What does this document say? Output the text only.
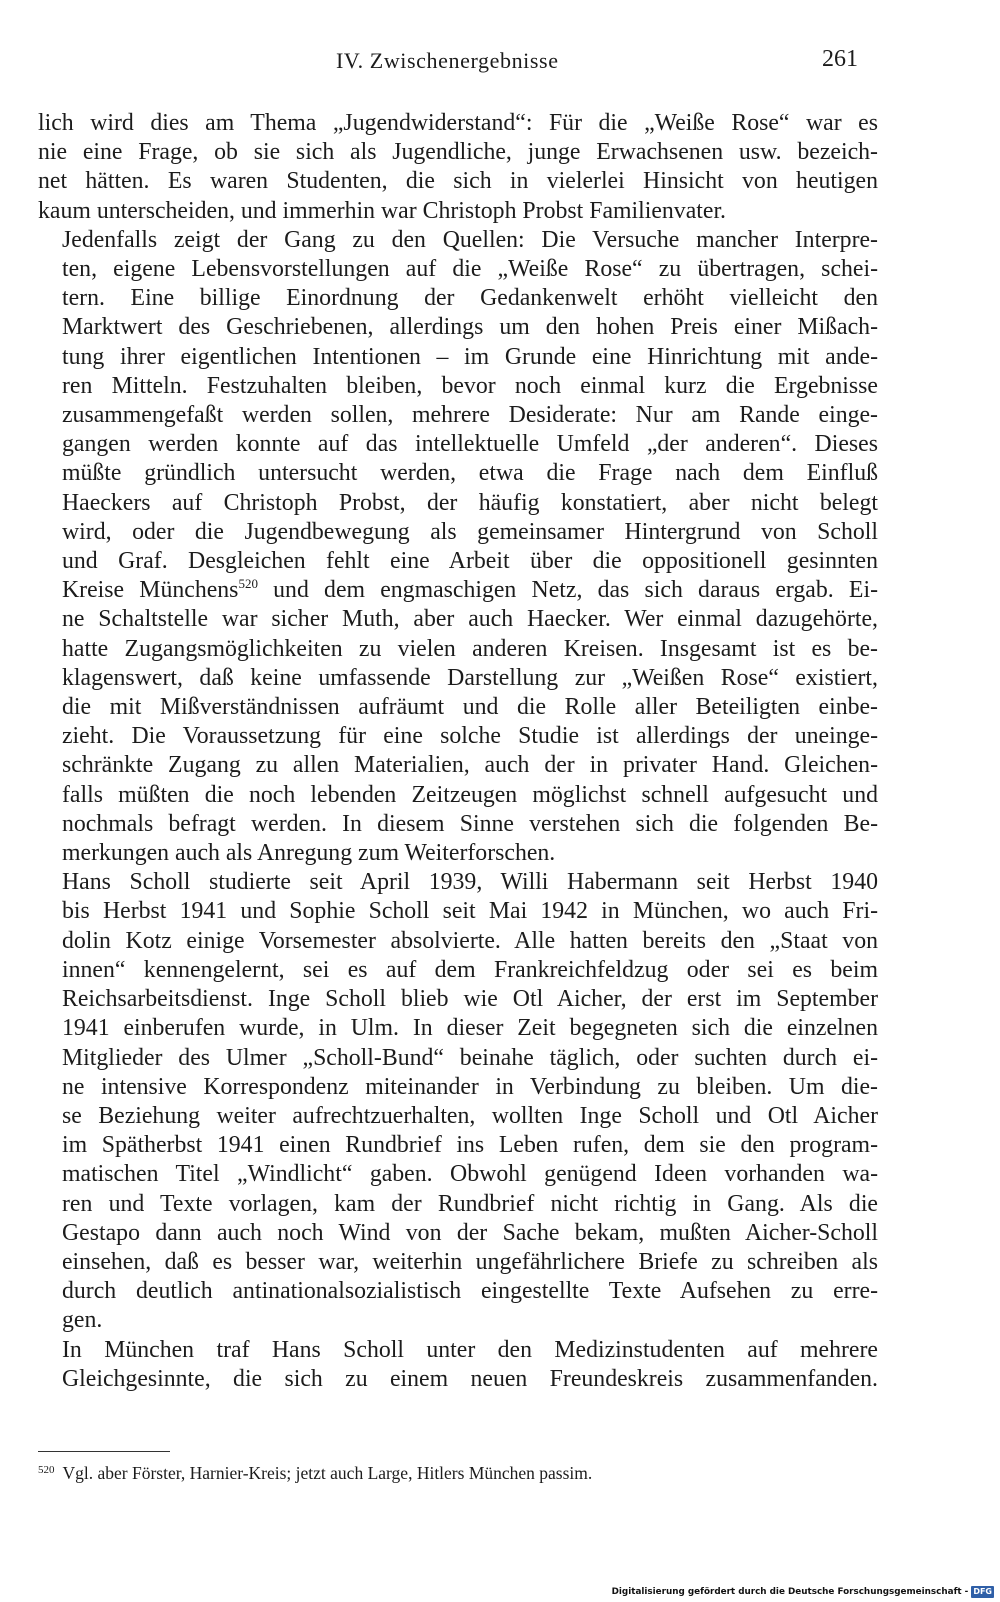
IV. Zwischenergebnisse	261

lich wird dies am Thema „Jugendwiderstand“: Für die „Weiße Rose“ war es
nie eine Frage, ob sie sich als Jugendliche, junge Erwachsenen usw. bezeich-
net hätten. Es waren Studenten, die sich in vielerlei Hinsicht von heutigen
kaum unterscheiden, und immerhin war Christoph Probst Familienvater.

Jedenfalls zeigt der Gang zu den Quellen: Die Versuche mancher Interpre-
ten, eigene Lebensvorstellungen auf die „Weiße Rose“ zu übertragen, schei-
tern. Eine billige Einordnung der Gedankenwelt erhöht vielleicht den
Marktwert des Geschriebenen, allerdings um den hohen Preis einer Mißach-
tung ihrer eigentlichen Intentionen – im Grunde eine Hinrichtung mit ande-
ren Mitteln. Festzuhalten bleiben, bevor noch einmal kurz die Ergebnisse
zusammengefaßt werden sollen, mehrere Desiderate: Nur am Rande einge-
gangen werden konnte auf das intellektuelle Umfeld „der anderen“. Dieses
müßte gründlich untersucht werden, etwa die Frage nach dem Einfluß
Haeckers auf Christoph Probst, der häufig konstatiert, aber nicht belegt
wird, oder die Jugendbewegung als gemeinsamer Hintergrund von Scholl
und Graf. Desgleichen fehlt eine Arbeit über die oppositionell gesinnten
Kreise Münchens$^{520}$ und dem engmaschigen Netz, das sich daraus ergab. Ei-
ne Schaltstelle war sicher Muth, aber auch Haecker. Wer einmal dazugehörte,
hatte Zugangsmöglichkeiten zu vielen anderen Kreisen. Insgesamt ist es be-
klagenswert, daß keine umfassende Darstellung zur „Weißen Rose“ existiert,
die mit Mißverständnissen aufräumt und die Rolle aller Beteiligten einbe-
zieht. Die Voraussetzung für eine solche Studie ist allerdings der uneinge-
schränkte Zugang zu allen Materialien, auch der in privater Hand. Gleichen-
falls müßten die noch lebenden Zeitzeugen möglichst schnell aufgesucht und
nochmals befragt werden. In diesem Sinne verstehen sich die folgenden Be-
merkungen auch als Anregung zum Weiterforschen.

Hans Scholl studierte seit April 1939, Willi Habermann seit Herbst 1940
bis Herbst 1941 und Sophie Scholl seit Mai 1942 in München, wo auch Fri-
dolin Kotz einige Vorsemester absolvierte. Alle hatten bereits den „Staat von
innen“ kennengelernt, sei es auf dem Frankreichfeldzug oder sei es beim
Reichsarbeitsdienst. Inge Scholl blieb wie Otl Aicher, der erst im September
1941 einberufen wurde, in Ulm. In dieser Zeit begegneten sich die einzelnen
Mitglieder des Ulmer „Scholl-Bund“ beinahe täglich, oder suchten durch ei-
ne intensive Korrespondenz miteinander in Verbindung zu bleiben. Um die-
se Beziehung weiter aufrechtzuerhalten, wollten Inge Scholl und Otl Aicher
im Spätherbst 1941 einen Rundbrief ins Leben rufen, dem sie den program-
matischen Titel „Windlicht“ gaben. Obwohl genügend Ideen vorhanden wa-
ren und Texte vorlagen, kam der Rundbrief nicht richtig in Gang. Als die
Gestapo dann auch noch Wind von der Sache bekam, mußten Aicher-Scholl
einsehen, daß es besser war, weiterhin ungefährlichere Briefe zu schreiben als
durch deutlich antinationalsozialistisch eingestellte Texte Aufsehen zu erre-
gen.

In München traf Hans Scholl unter den Medizinstudenten auf mehrere
Gleichgesinnte, die sich zu einem neuen Freundeskreis zusammenfanden.

$^{520}$ Vgl. aber Förster, Harnier-Kreis; jetzt auch Large, Hitlers München passim.
Digitalisierung gefördert durch die Deutsche Forschungsgemeinschaft - DFG
